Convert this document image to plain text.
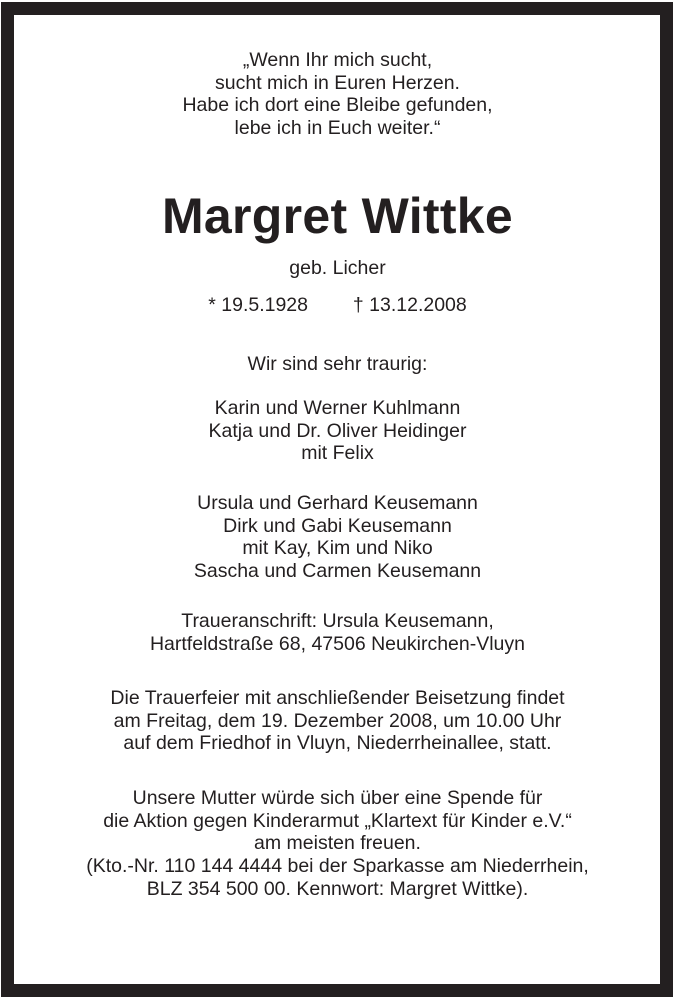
„Wenn Ihr mich sucht,
sucht mich in Euren Herzen.
Habe ich dort eine Bleibe gefunden,
lebe ich in Euch weiter.“
Margret Wittke
geb. Licher
* 19.5.1928 † 13.12.2008
Wir sind sehr traurig:
Karin und Werner Kuhlmann
Katja und Dr. Oliver Heidinger
mit Felix
Ursula und Gerhard Keusemann
Dirk und Gabi Keusemann
mit Kay, Kim und Niko
Sascha und Carmen Keusemann
Traueranschrift: Ursula Keusemann,
Hartfeldstraße 68, 47506 Neukirchen-Vluyn
Die Trauerfeier mit anschließender Beisetzung findet
am Freitag, dem 19. Dezember 2008, um 10.00 Uhr
auf dem Friedhof in Vluyn, Niederrheinallee, statt.
Unsere Mutter würde sich über eine Spende für
die Aktion gegen Kinderarmut „Klartext für Kinder e.V.“
am meisten freuen.
(Kto.-Nr. 110 144 4444 bei der Sparkasse am Niederrhein,
BLZ 354 500 00. Kennwort: Margret Wittke).
